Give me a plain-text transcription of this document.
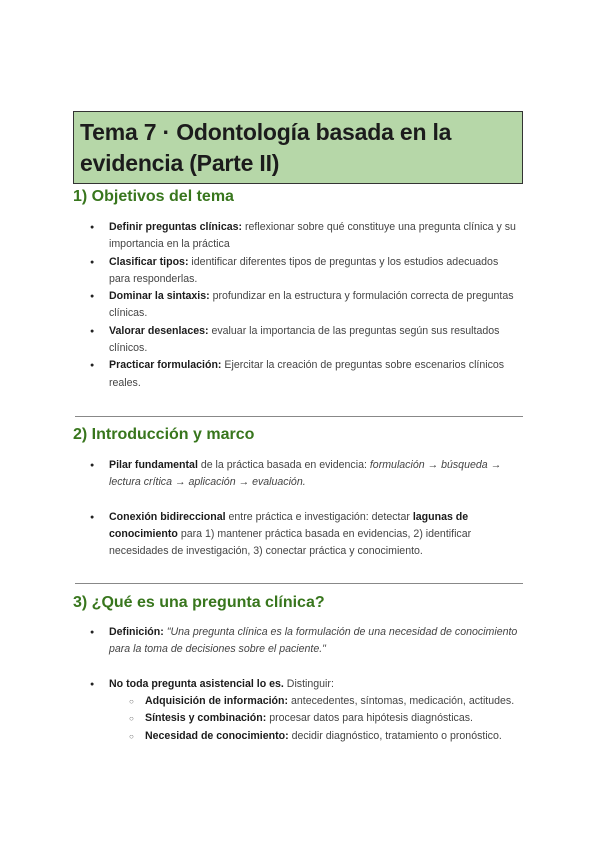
Tema 7 · Odontología basada en la evidencia (Parte II)
1) Objetivos del tema
● Definir preguntas clínicas: reflexionar sobre qué constituye una pregunta clínica y su importancia en la práctica
● Clasificar tipos: identificar diferentes tipos de preguntas y los estudios adecuados para responderlas.
● Dominar la sintaxis: profundizar en la estructura y formulación correcta de preguntas clínicas.
● Valorar desenlaces: evaluar la importancia de las preguntas según sus resultados clínicos.
● Practicar formulación: Ejercitar la creación de preguntas sobre escenarios clínicos reales.
2) Introducción y marco
● Pilar fundamental de la práctica basada en evidencia: formulación → búsqueda → lectura crítica → aplicación → evaluación.
● Conexión bidireccional entre práctica e investigación: detectar lagunas de conocimiento para 1) mantener práctica basada en evidencias, 2) identificar necesidades de investigación, 3) conectar práctica y conocimiento.
3) ¿Qué es una pregunta clínica?
● Definición: "Una pregunta clínica es la formulación de una necesidad de conocimiento para la toma de decisiones sobre el paciente."
● No toda pregunta asistencial lo es. Distinguir:
○ Adquisición de información: antecedentes, síntomas, medicación, actitudes.
○ Síntesis y combinación: procesar datos para hipótesis diagnósticas.
○ Necesidad de conocimiento: decidir diagnóstico, tratamiento o pronóstico.
